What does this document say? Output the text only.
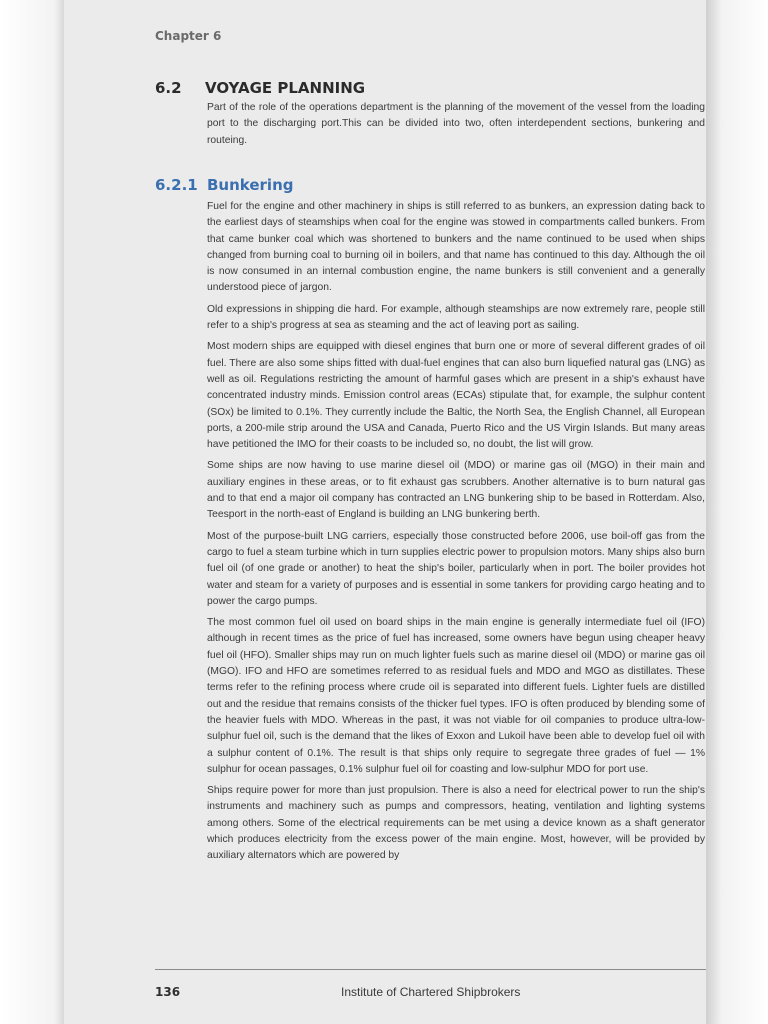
Chapter 6
6.2 VOYAGE PLANNING

Part of the role of the operations department is the planning of the movement of the vessel from the loading port to the discharging port.This can be divided into two, often interdependent sections, bunkering and routeing.

6.2.1 Bunkering

Fuel for the engine and other machinery in ships is still referred to as bunkers, an expression dating back to the earliest days of steamships when coal for the engine was stowed in compartments called bunkers. From that came bunker coal which was shortened to bunkers and the name continued to be used when ships changed from burning coal to burning oil in boilers, and that name has continued to this day. Although the oil is now consumed in an internal combustion engine, the name bunkers is still convenient and a generally understood piece of jargon.

Old expressions in shipping die hard. For example, although steamships are now extremely rare, people still refer to a ship's progress at sea as steaming and the act of leaving port as sailing.

Most modern ships are equipped with diesel engines that burn one or more of several different grades of oil fuel. There are also some ships fitted with dual-fuel engines that can also burn liquefied natural gas (LNG) as well as oil. Regulations restricting the amount of harmful gases which are present in a ship's exhaust have concentrated industry minds. Emission control areas (ECAs) stipulate that, for example, the sulphur content (SOx) be limited to 0.1%. They currently include the Baltic, the North Sea, the English Channel, all European ports, a 200-mile strip around the USA and Canada, Puerto Rico and the US Virgin Islands. But many areas have petitioned the IMO for their coasts to be included so, no doubt, the list will grow.

Some ships are now having to use marine diesel oil (MDO) or marine gas oil (MGO) in their main and auxiliary engines in these areas, or to fit exhaust gas scrubbers. Another alternative is to burn natural gas and to that end a major oil company has contracted an LNG bunkering ship to be based in Rotterdam. Also, Teesport in the north-east of England is building an LNG bunkering berth.

Most of the purpose-built LNG carriers, especially those constructed before 2006, use boil-off gas from the cargo to fuel a steam turbine which in turn supplies electric power to propulsion motors. Many ships also burn fuel oil (of one grade or another) to heat the ship's boiler, particularly when in port. The boiler provides hot water and steam for a variety of purposes and is essential in some tankers for providing cargo heating and to power the cargo pumps.

The most common fuel oil used on board ships in the main engine is generally intermediate fuel oil (IFO) although in recent times as the price of fuel has increased, some owners have begun using cheaper heavy fuel oil (HFO). Smaller ships may run on much lighter fuels such as marine diesel oil (MDO) or marine gas oil (MGO). IFO and HFO are sometimes referred to as residual fuels and MDO and MGO as distillates. These terms refer to the refining process where crude oil is separated into different fuels. Lighter fuels are distilled out and the residue that remains consists of the thicker fuel types. IFO is often produced by blending some of the heavier fuels with MDO. Whereas in the past, it was not viable for oil companies to produce ultra-low-sulphur fuel oil, such is the demand that the likes of Exxon and Lukoil have been able to develop fuel oil with a sulphur content of 0.1%. The result is that ships only require to segregate three grades of fuel — 1% sulphur for ocean passages, 0.1% sulphur fuel oil for coasting and low-sulphur MDO for port use.

Ships require power for more than just propulsion. There is also a need for electrical power to run the ship's instruments and machinery such as pumps and compressors, heating, ventilation and lighting systems among others. Some of the electrical requirements can be met using a device known as a shaft generator which produces electricity from the excess power of the main engine. Most, however, will be provided by auxiliary alternators which are powered by

136	Institute of Chartered Shipbrokers
